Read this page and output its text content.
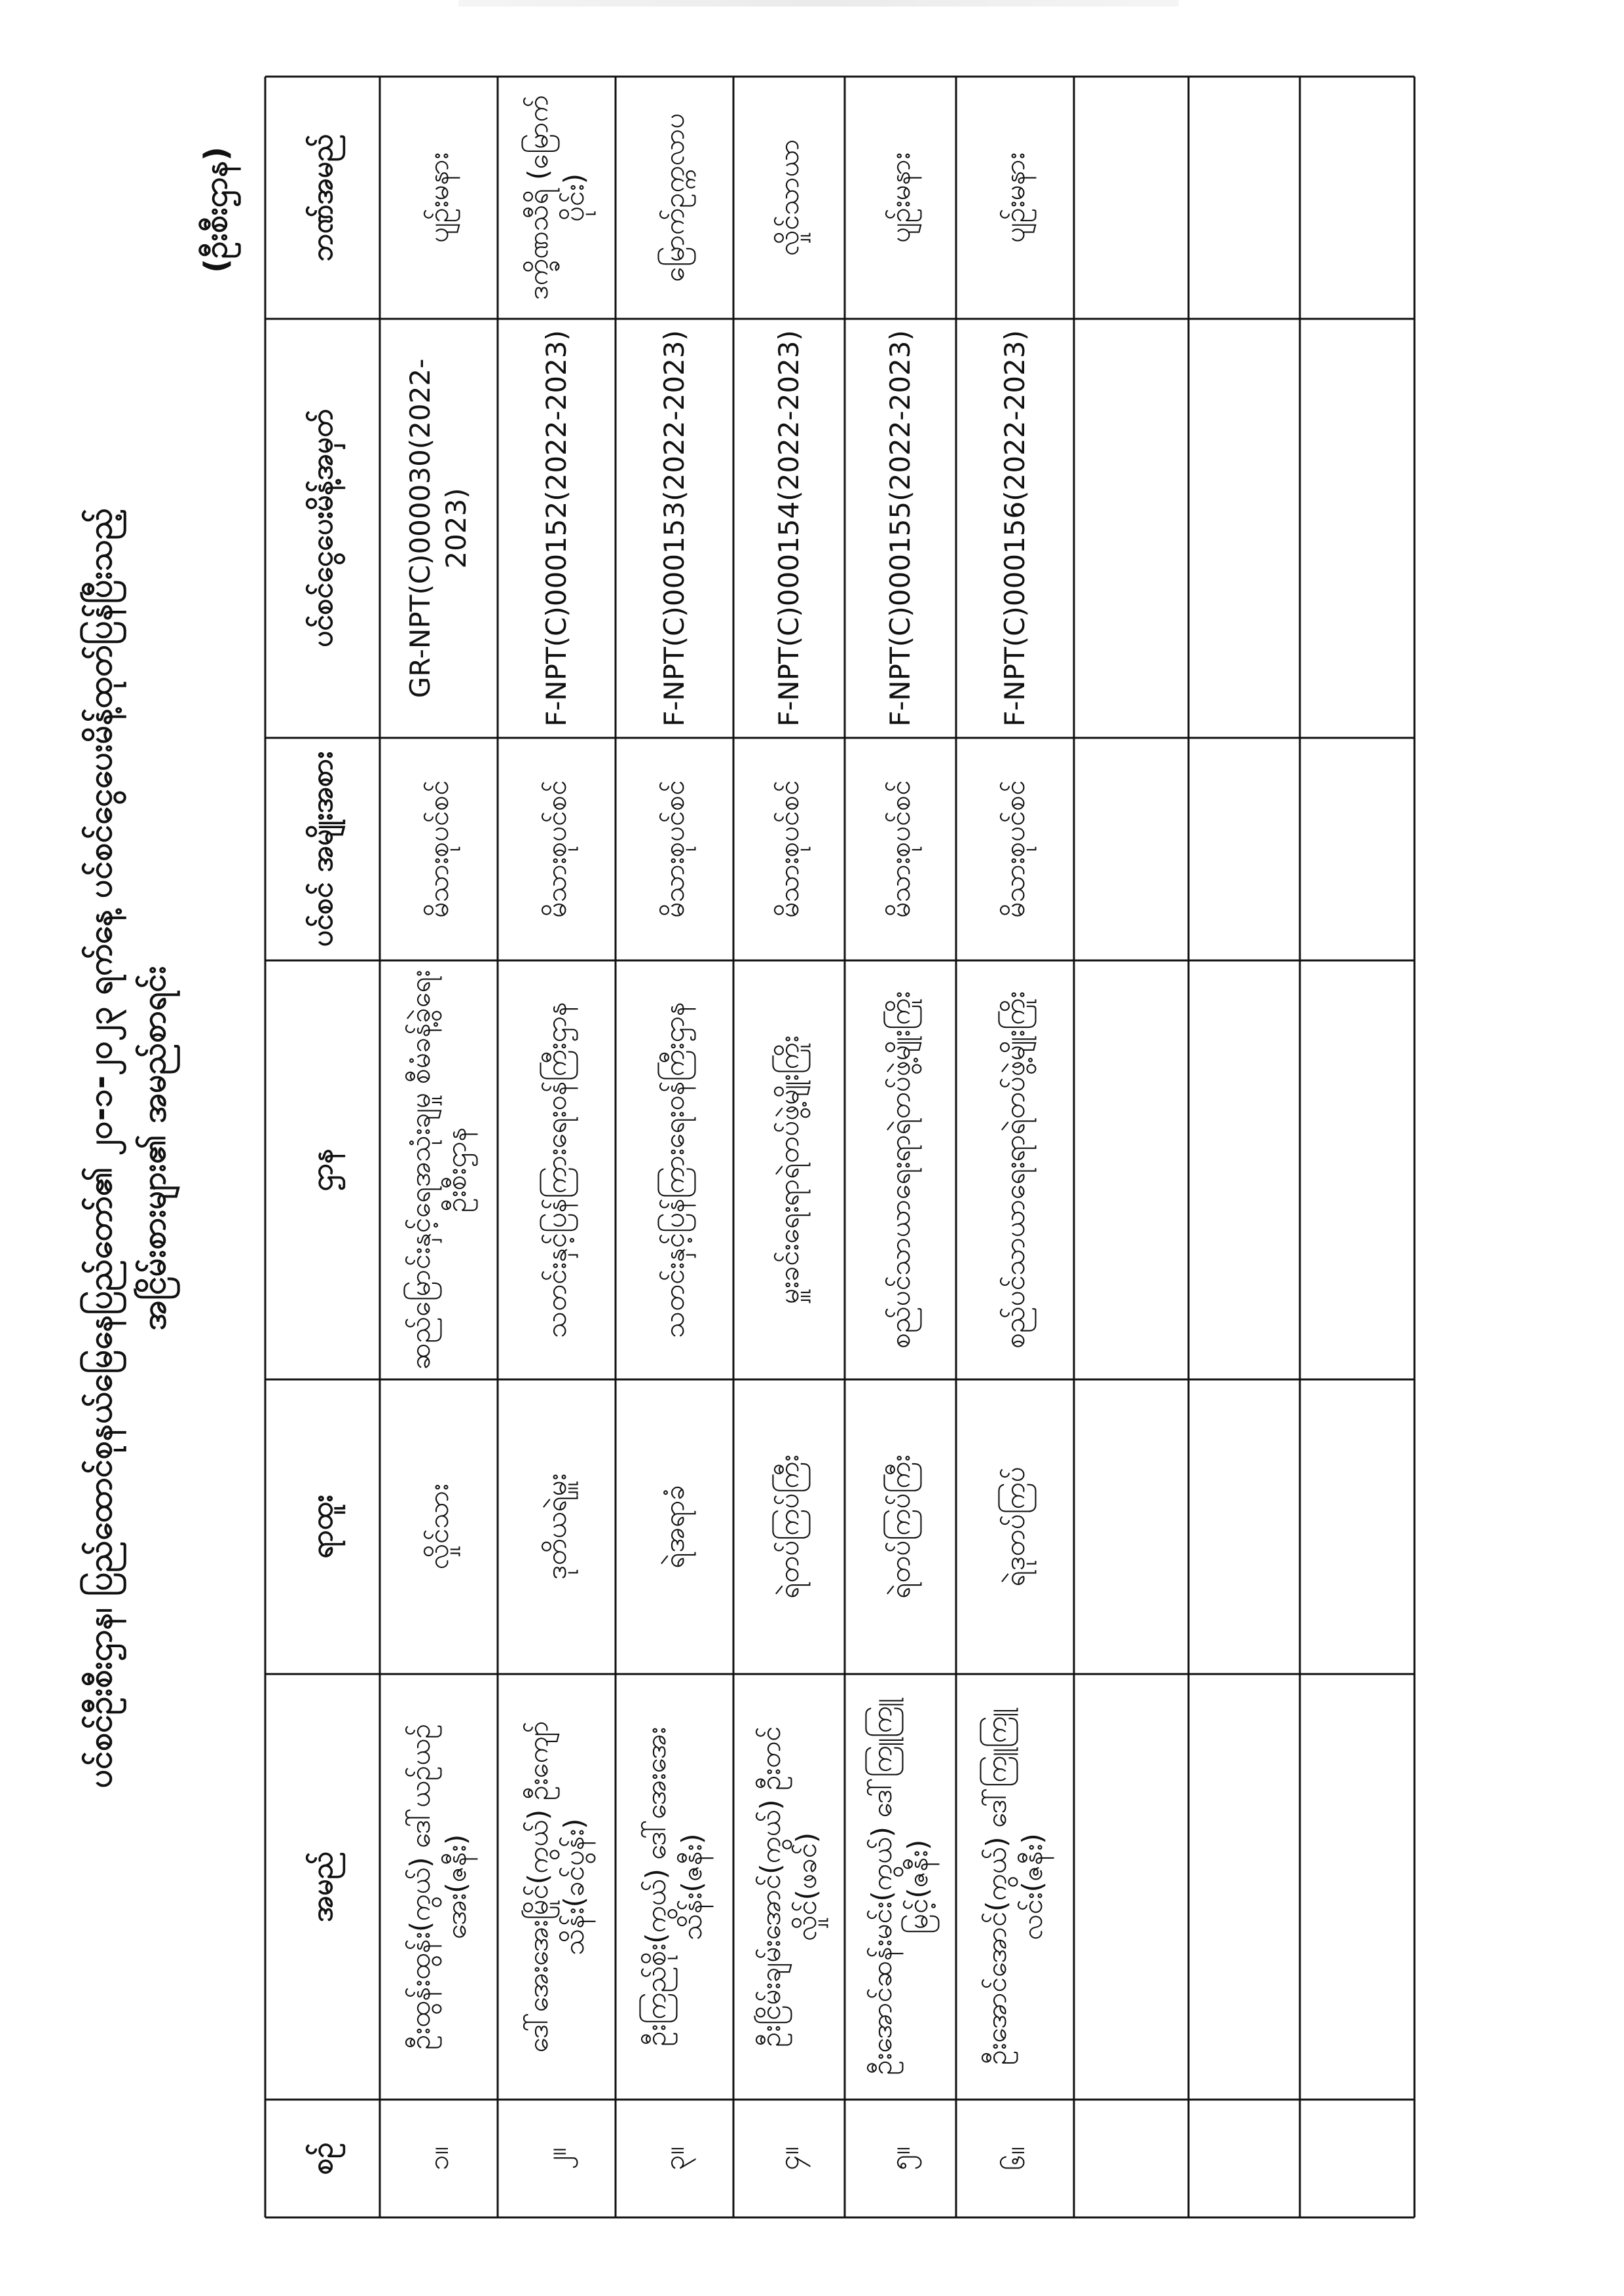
ပင်စင်ဦးစီးဌာန၊ ပြည်ထောင်စုနယ်မြေနေပြည်တော်၏ ၂၀-၁-၂၀၂၃ ရက်နေ့ ပင်စင်ငွေပေးမိန့်ထုတ်ပြန်ပြီးသည့် အငြိမ်းစားများ၏ အမည်စာရင်း
(ဦးစီးဌာန)
စဉ်
အမည်
ရာထူး
ဌာန
ပင်စင် အမျိုးအစား
ပင်စင်ငွေပေးမိန့်အမှတ်
ဘဏ်အမည်
၁။
ဦးထွန်းထွန်း(ကွယ်) ဒေါ်ယဉ်ယဉ်အေး(ဇနီး)
လှိုင်သား
ဆည်မြောင်းနှင့်ရေအသုံးချမှု စီမံခန့်ခွဲရေးဦးစီးဌာန
မိသားစုပင်စင်
GR-NPT(C)000030(2022-2023)
ပျဉ်းမနား
၂။
ဒေါ်အေးအေးမြိုင်(ကွယ်) ဦးကျော်သိန်း(ခင်ပွန်း)
ဒုတိယရဲမှူး
သတင်းနှင့်ပြန်ကြားရေးဝန်ကြီးဌာန
မိသားစုပင်စင်
F-NPT(C)000152(2022-2023)
ဒက္ခိဏသီရိ (မြောက်ပိုင်း)
၃။
ဦးကြည်စိုး(ကွယ်) ဒေါ်အေးအေးသိန်း(ဇနီး)
ရဲအရာခံ
သတင်းနှင့်ပြန်ကြားရေးဝန်ကြီးဌာန
မိသားစုပင်စင်
F-NPT(C)000153(2022-2023)
မြောက်ဥက္ကလာပ
၄။
ဦးငြိမ်းချမ်းအောင်(ကွယ်) ဦးတင်လှိုင်(ဖခင်)
ရဲတပ်ကြပ်ကြီး
မှူးခင်းရေးရာရဲတပ်ဖွဲ့မျိုးကြိုး
မိသားစုပင်စင်
F-NPT(C)000154(2022-2023)
လှိုင်သာယာ
၅။
ဦးအောင်ဆန်းမင်း(ကွယ်) ဒေါ်ကြူကြူမြင့်(ဇနီး)
ရဲတပ်ကြပ်ကြီး
စည်ပင်သာယာရေးရာရဲတပ်ဖွဲ့မျိုးကြိုး
မိသားစုပင်စင်
F-NPT(C)000155(2022-2023)
ပျဉ်းမနား
၆။
ဦးအောင်အောင်(ကွယ်) ဒေါ်ကြူကြူလင်း(ဇနီး)
ရဲဒုတပ်ကြပ်
စည်ပင်သာယာရေးရာရဲတပ်ဖွဲ့မျိုးကြိုး
မိသားစုပင်စင်
F-NPT(C)000156(2022-2023)
ပျဉ်းမနား
